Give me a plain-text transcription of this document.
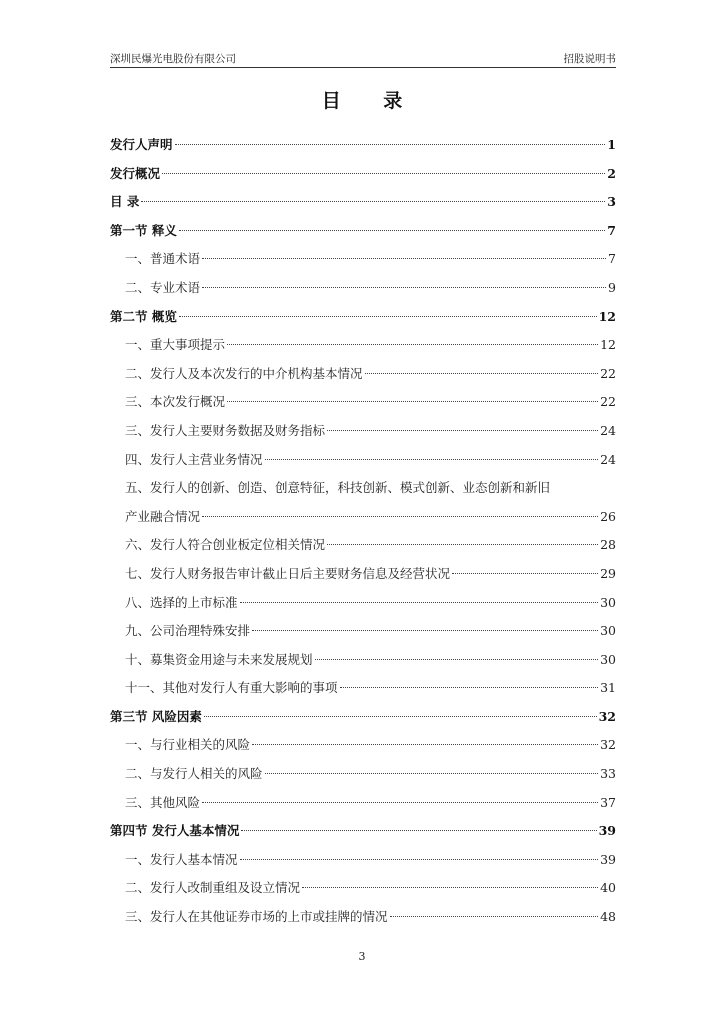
深圳民爆光电股份有限公司	招股说明书
目 录
发行人声明	1
发行概况	2
目 录	3
第一节 释义	7
一、普通术语	7
二、专业术语	9
第二节 概览	12
一、重大事项提示	12
二、发行人及本次发行的中介机构基本情况	22
三、本次发行概况	22
三、发行人主要财务数据及财务指标	24
四、发行人主营业务情况	24
五、发行人的创新、创造、创意特征，科技创新、模式创新、业态创新和新旧
产业融合情况	26
六、发行人符合创业板定位相关情况	28
七、发行人财务报告审计截止日后主要财务信息及经营状况	29
八、选择的上市标准	30
九、公司治理特殊安排	30
十、募集资金用途与未来发展规划	30
十一、其他对发行人有重大影响的事项	31
第三节 风险因素	32
一、与行业相关的风险	32
二、与发行人相关的风险	33
三、其他风险	37
第四节 发行人基本情况	39
一、发行人基本情况	39
二、发行人改制重组及设立情况	40
三、发行人在其他证券市场的上市或挂牌的情况	48
3
